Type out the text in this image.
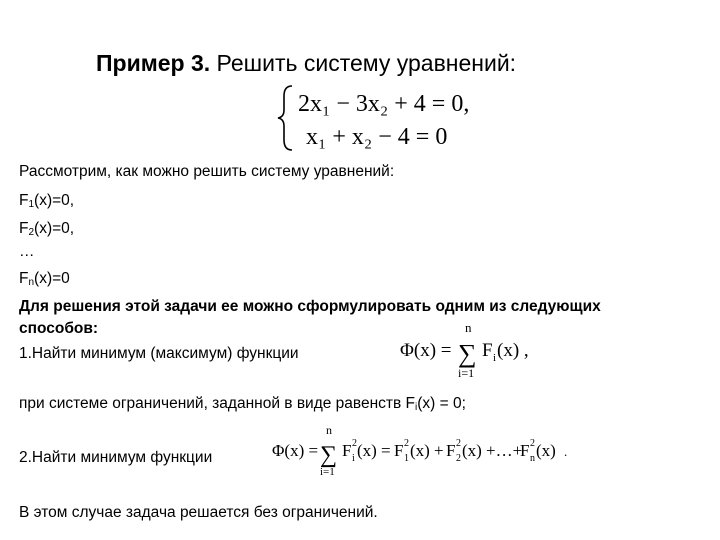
Пример 3. Решить систему уравнений:
2x₁ − 3x₂ + 4 = 0,
x₁ + x₂ − 4 = 0
Рассмотрим, как можно решить систему уравнений:
$F_1(x)=0$,
$F_2(x)=0$,
…
$F_n(x)=0$
Для решения этой задачи ее можно сформулировать одним из следующих
способов:
1.Найти минимум (максимум) функции	Φ(x) =
n
∑
i=1
F i (x) ,
при системе ограничений, заданной в виде равенств $F_i(x) = 0$;
2.Найти минимум функции	Φ(x) =
n
∑
i=1
F 2
i (x) = F 2
1 (x) + F 2
2 (x) +…+
F 2
n (x) .
В этом случае задача решается без ограничений.
